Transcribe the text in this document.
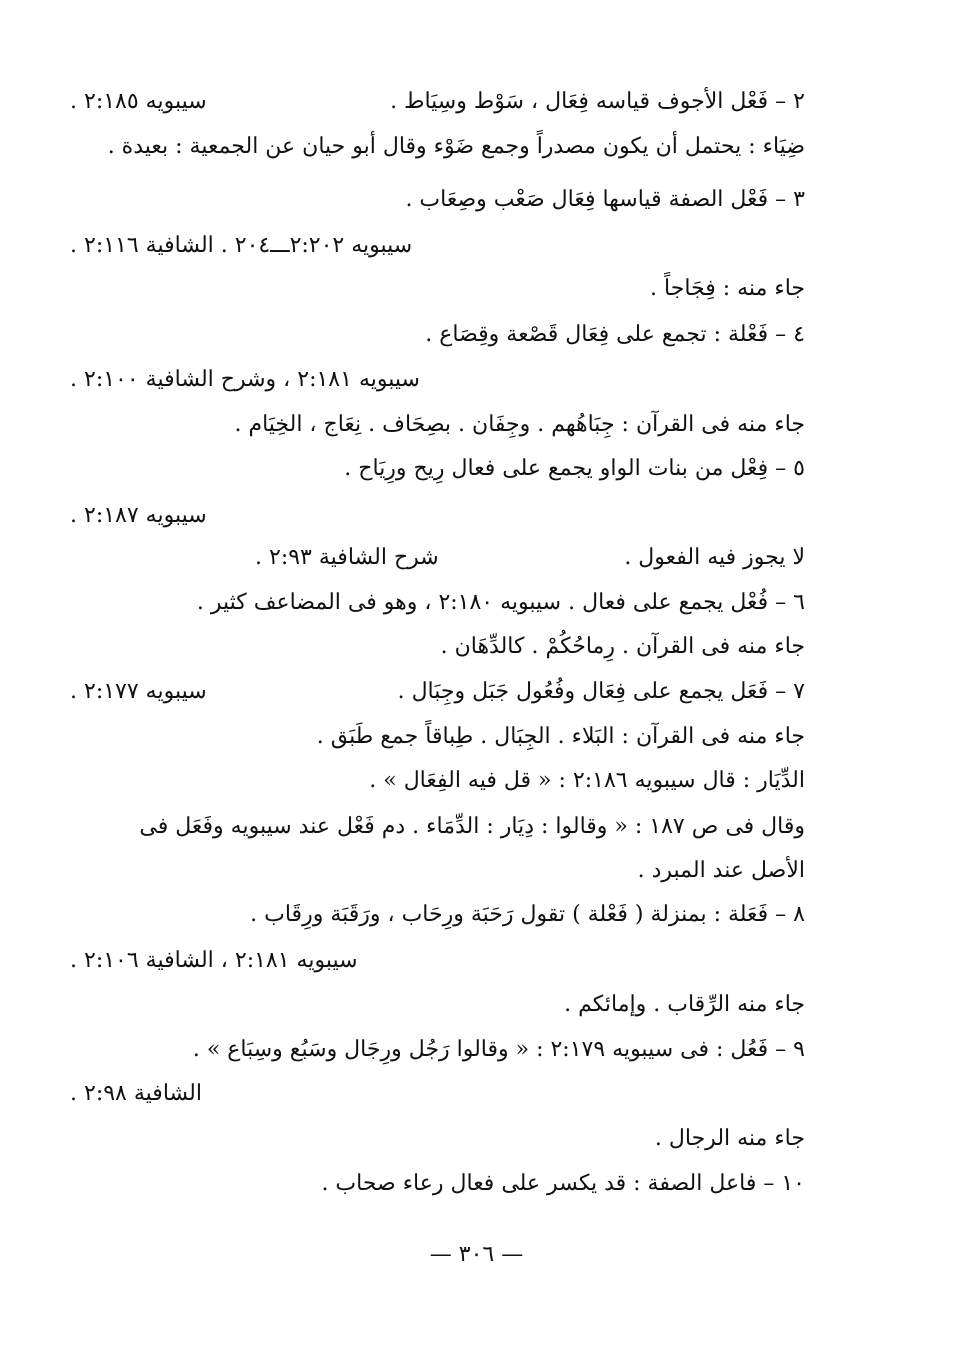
٢ – فَعْل الأجوف قياسه فِعَال ، سَوْط وسِيَاط .
سيبويه ٢:١٨٥ .
ضِيَاء : يحتمل أن يكون مصدراً وجمع ضَوْء وقال أبو حيان عن الجمعية : بعيدة .
٣ – فَعْل الصفة قياسها فِعَال صَعْب وصِعَاب .
سيبويه ٢:٢٠٢ـــ٢٠٤ . الشافية ٢:١١٦ .
جاء منه : فِجَاجاً .
٤ – فَعْلة : تجمع على فِعَال قَصْعة وقِصَاع .
سيبويه ٢:١٨١ ، وشرح الشافية ٢:١٠٠ .
جاء منه فى القرآن : جِبَاهُهم . وجِفَان . بصِحَاف . نِعَاج ، الخِيَام .
٥ – فِعْل من بنات الواو يجمع على فعال رِيح ورِيَاح .
سيبويه ٢:١٨٧ .
لا يجوز فيه الفعول .
شرح الشافية ٢:٩٣ .
٦ – فُعْل يجمع على فعال . سيبويه ٢:١٨٠ ، وهو فى المضاعف كثير .
جاء منه فى القرآن . رِماحُكُمْ . كالدِّهَان .
٧ – فَعَل يجمع على فِعَال وفُعُول جَبَل وجِبَال .
سيبويه ٢:١٧٧ .
جاء منه فى القرآن : البَلاء . الجِبَال . طِباقاً جمع طَبَق .
الدِّيَار : قال سيبويه ٢:١٨٦ : « قل فيه الفِعَال » .
وقال فى ص ١٨٧ : « وقالوا : دِيَار : الدِّمَاء . دم فَعْل عند سيبويه وفَعَل فى
الأصل عند المبرد .
٨ – فَعَلة : بمنزلة ( فَعْلة ) تقول رَحَبَة ورِحَاب ، ورَقَبَة ورِقَاب .
سيبويه ٢:١٨١ ، الشافية ٢:١٠٦ .
جاء منه الرِّقاب . وإمائكم .
٩ – فَعُل : فى سيبويه ٢:١٧٩ : « وقالوا رَجُل ورِجَال وسَبُع وسِبَاع » .
الشافية ٢:٩٨ .
جاء منه الرجال .
١٠ – فاعل الصفة : قد يكسر على فعال رعاء صحاب .
— ٣٠٦ —
